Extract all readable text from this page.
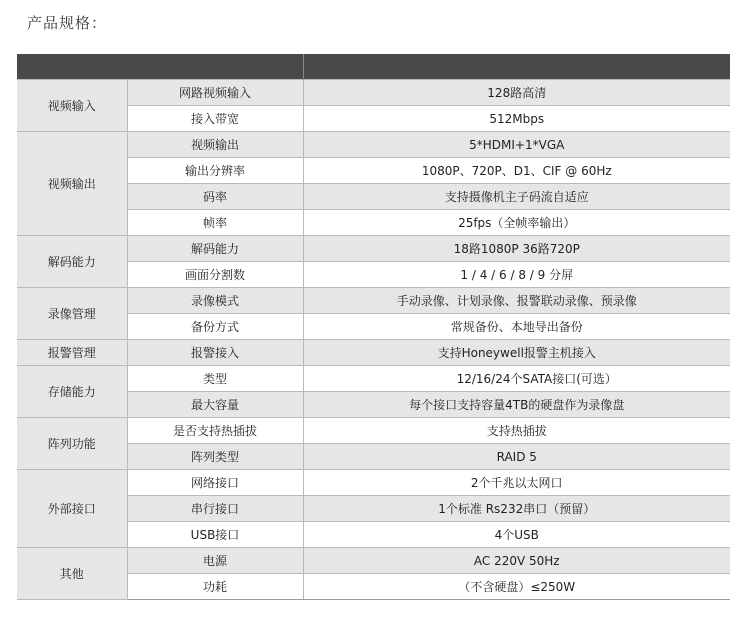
产品规格：

视频输入	网路视频输入	128路高清
	接入带宽	512Mbps
视频输出	视频输出	5*HDMI+1*VGA
	输出分辨率	1080P、720P、D1、CIF @ 60Hz
	码率	支持摄像机主子码流自适应
	帧率	25fps（全帧率输出）
解码能力	解码能力	18路1080P 36路720P
	画面分割数	1 / 4 / 6 / 8 / 9 分屏
录像管理	录像模式	手动录像、计划录像、报警联动录像、预录像
	备份方式	常规备份、本地导出备份
报警管理	报警接入	支持Honeywell报警主机接入
存储能力	类型	12/16/24个SATA接口(可选）
	最大容量	每个接口支持容量4TB的硬盘作为录像盘
阵列功能	是否支持热插拔	支持热插拔
	阵列类型	RAID 5
外部接口	网络接口	2个千兆以太网口
	串行接口	1个标准 Rs232串口（预留）
	USB接口	4个USB
其他	电源	AC 220V 50Hz
	功耗	（不含硬盘）≤250W
